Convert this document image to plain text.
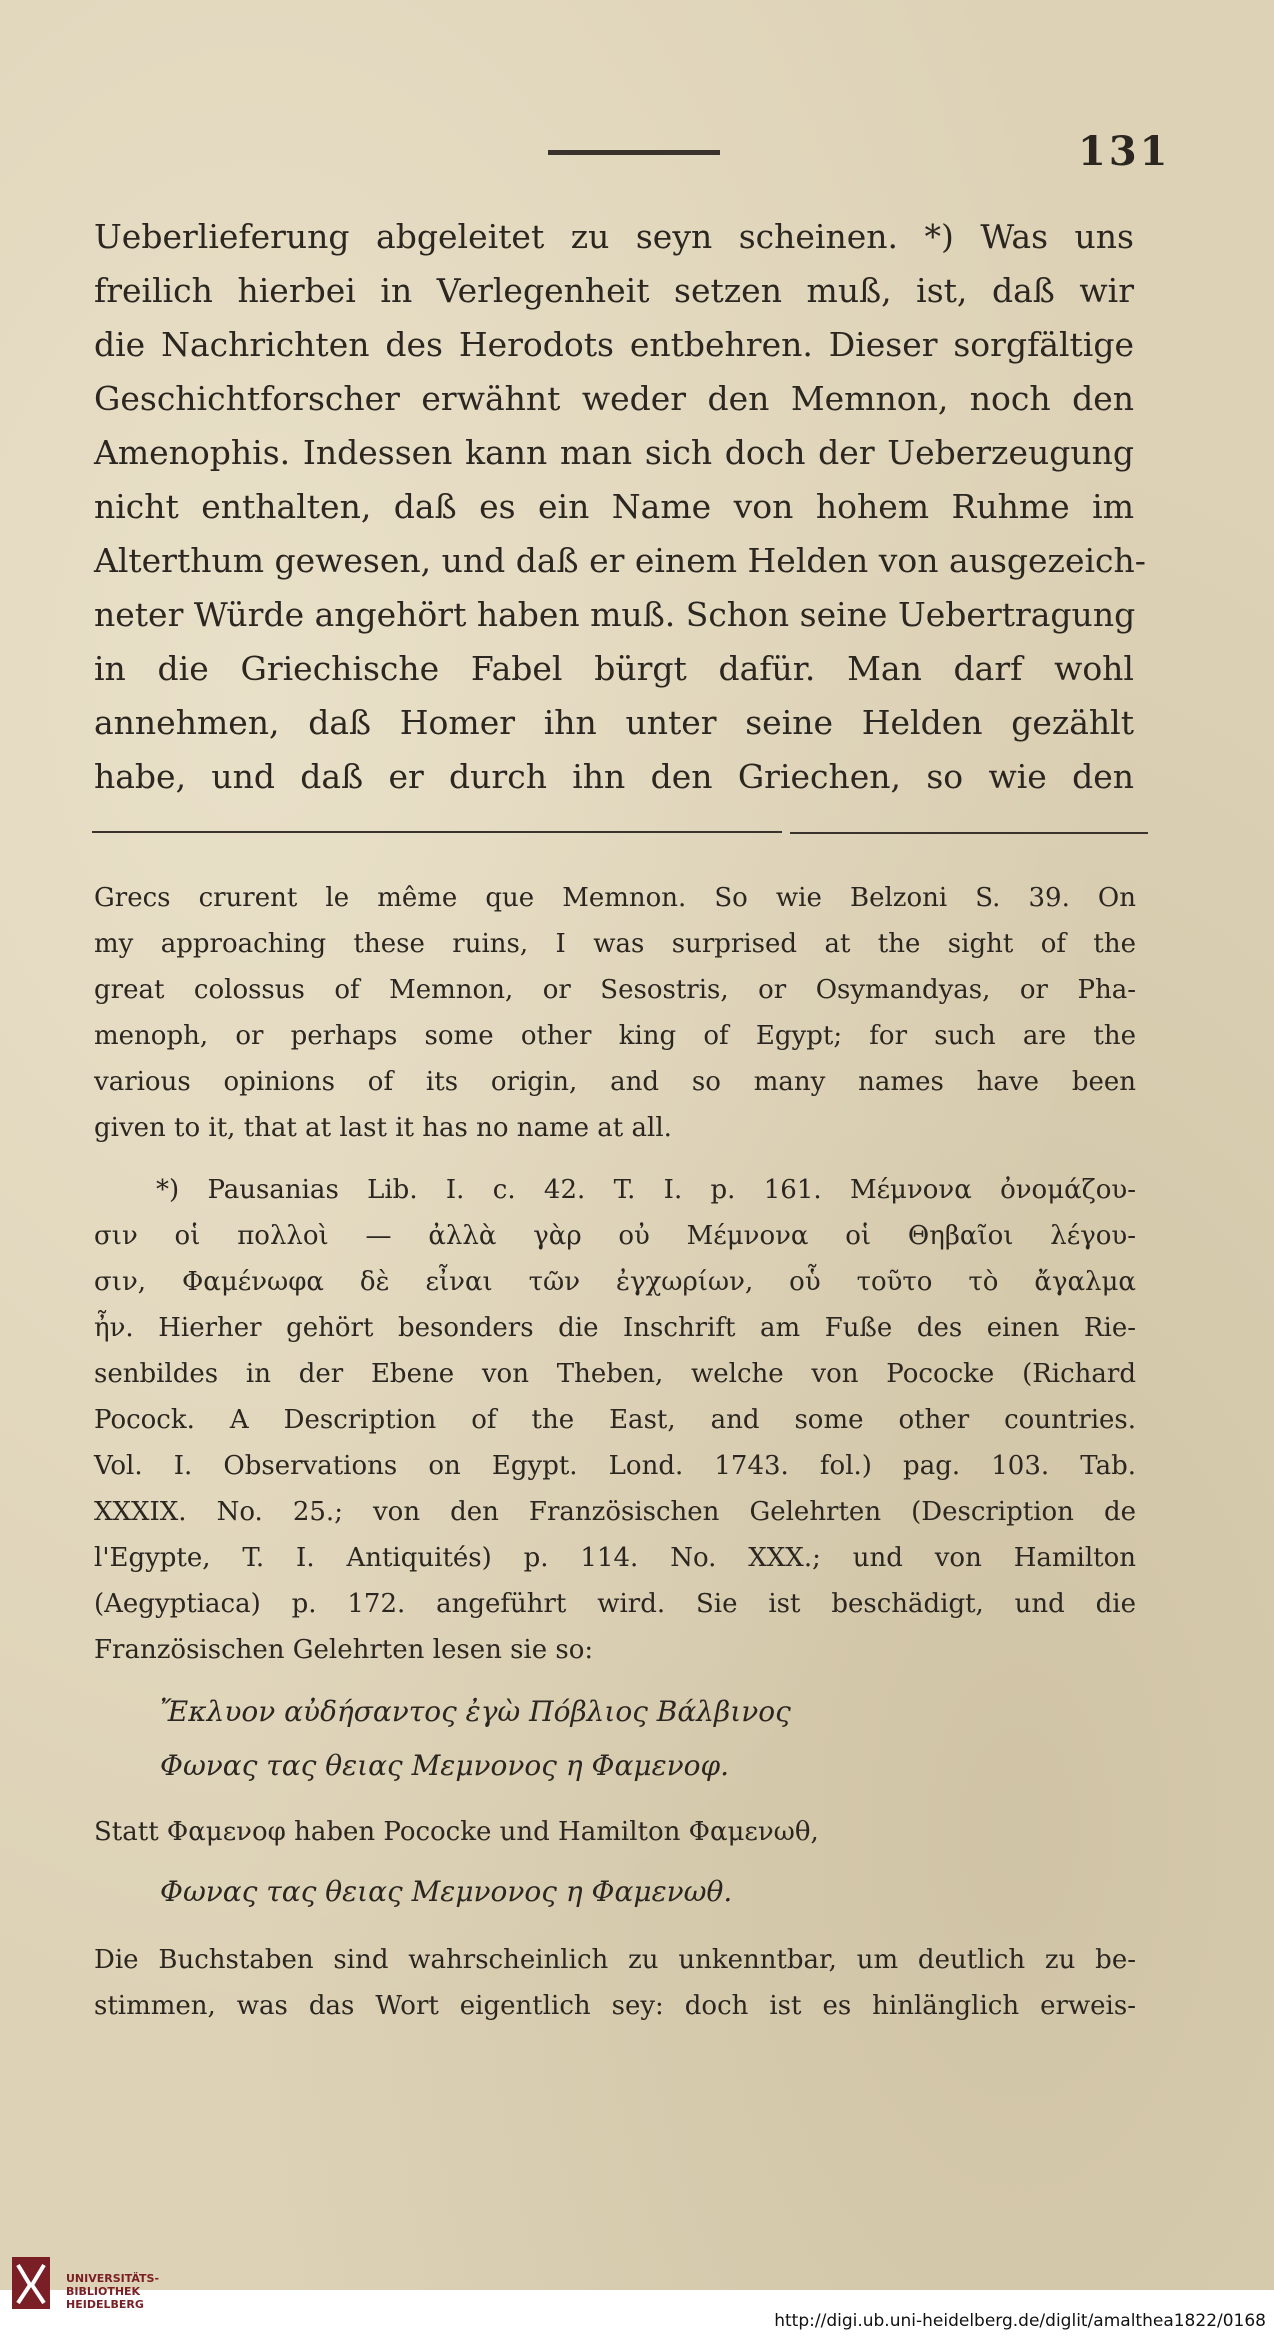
131
Ueberlieferung abgeleitet zu seyn scheinen. *) Was uns
freilich hierbei in Verlegenheit setzen muß, ist, daß wir
die Nachrichten des Herodots entbehren. Dieser sorgfältige
Geschichtforscher erwähnt weder den Memnon, noch den
Amenophis. Indessen kann man sich doch der Ueberzeugung
nicht enthalten, daß es ein Name von hohem Ruhme im
Alterthum gewesen, und daß er einem Helden von ausgezeich-
neter Würde angehört haben muß. Schon seine Uebertragung
in die Griechische Fabel bürgt dafür. Man darf wohl
annehmen, daß Homer ihn unter seine Helden gezählt
habe, und daß er durch ihn den Griechen, so wie den
Grecs crurent le même que Memnon. So wie Belzoni S. 39. On
my approaching these ruins, I was surprised at the sight of the
great colossus of Memnon, or Sesostris, or Osymandyas, or Pha-
menoph, or perhaps some other king of Egypt; for such are the
various opinions of its origin, and so many names have been
given to it, that at last it has no name at all.
*) Pausanias Lib. I. c. 42. T. I. p. 161. Μέμνονα ὀνομάζου-
σιν οἱ πολλοὶ — ἀλλὰ γὰρ οὐ Μέμνονα οἱ Θηβαῖοι λέγου-
σιν, Φαμένωφα δὲ εἶναι τῶν ἐγχωρίων, οὗ τοῦτο τὸ ἄγαλμα
ἦν. Hierher gehört besonders die Inschrift am Fuße des einen Rie-
senbildes in der Ebene von Theben, welche von Pococke (Richard
Pocock. A Description of the East, and some other countries.
Vol. I. Observations on Egypt. Lond. 1743. fol.) pag. 103. Tab.
XXXIX. No. 25.; von den Französischen Gelehrten (Description de
l'Egypte, T. I. Antiquités) p. 114. No. XXX.; und von Hamilton
(Aegyptiaca) p. 172. angeführt wird. Sie ist beschädigt, und die
Französischen Gelehrten lesen sie so:
Ἔκλυον αὐδήσαντος ἐγὼ Πόβλιος Βάλβινος
Φωνας τας θειας Μεμνονος η Φαμενοφ.
Statt Φαμενοφ haben Pococke und Hamilton Φαμενωθ,
Φωνας τας θειας Μεμνονος η Φαμενωθ.
Die Buchstaben sind wahrscheinlich zu unkenntbar, um deutlich zu be-
stimmen, was das Wort eigentlich sey: doch ist es hinlänglich erweis-
UNIVERSITÄTS-
BIBLIOTHEK
HEIDELBERG
http://digi.ub.uni-heidelberg.de/diglit/amalthea1822/0168
